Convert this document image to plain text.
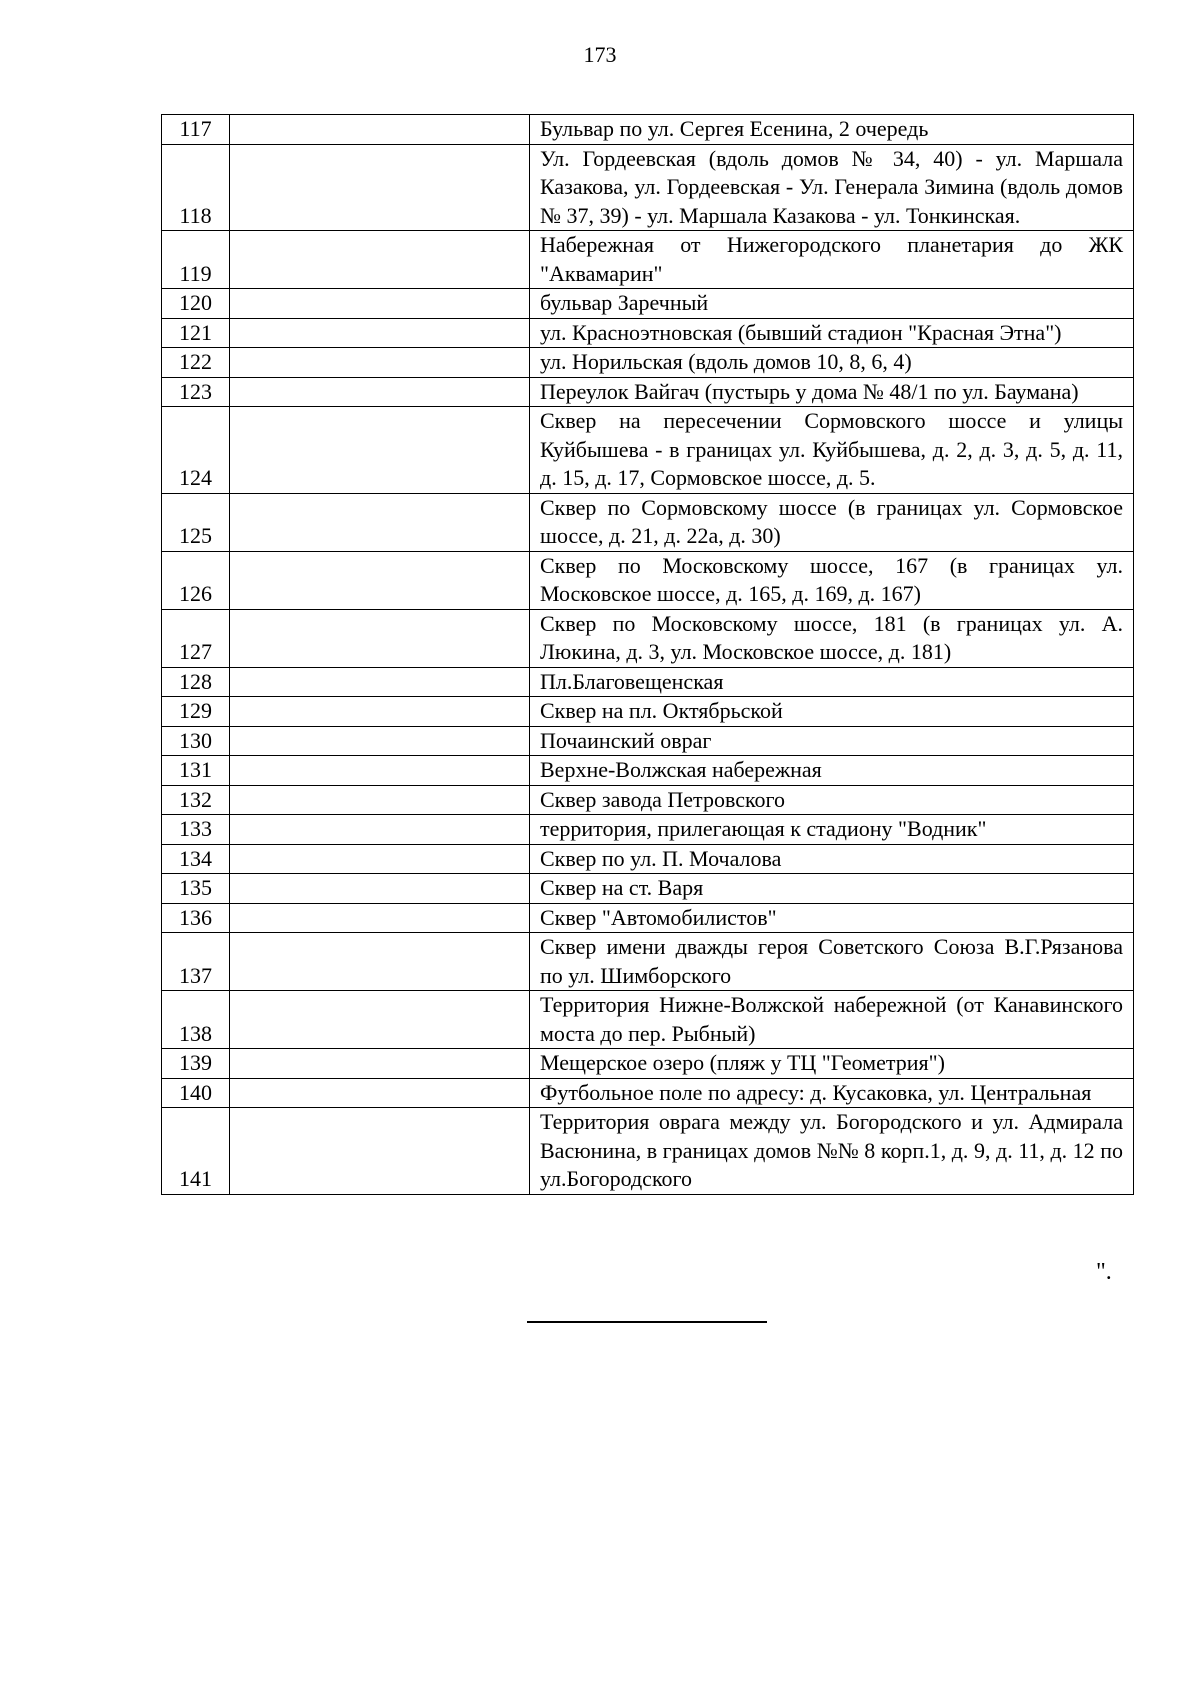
173
117		Бульвар по ул. Сергея Есенина, 2 очередь
118		Ул. Гордеевская (вдоль домов № 34, 40) - ул. Маршала Казакова, ул. Гордеевская - Ул. Генерала Зимина (вдоль домов № 37, 39) - ул. Маршала Казакова - ул. Тонкинская.
119		Набережная от Нижегородского планетария до ЖК "Аквамарин"
120		бульвар Заречный
121		ул. Красноэтновская (бывший стадион "Красная Этна")
122		ул. Норильская (вдоль домов 10, 8, 6, 4)
123		Переулок Вайгач (пустырь у дома № 48/1 по ул. Баумана)
124		Сквер на пересечении Сормовского шоссе и улицы Куйбышева - в границах ул. Куйбышева, д. 2, д. 3, д. 5, д. 11, д. 15, д. 17, Сормовское шоссе, д. 5.
125		Сквер по Сормовскому шоссе (в границах ул. Сормовское шоссе, д. 21, д. 22а, д. 30)
126		Сквер по Московскому шоссе, 167 (в границах ул. Московское шоссе, д. 165, д. 169, д. 167)
127		Сквер по Московскому шоссе, 181 (в границах ул. А. Люкина, д. 3, ул. Московское шоссе, д. 181)
128		Пл.Благовещенская
129		Сквер на пл. Октябрьской
130		Почаинский овраг
131		Верхне-Волжская набережная
132		Сквер завода Петровского
133		территория, прилегающая к стадиону "Водник"
134		Сквер по ул. П. Мочалова
135		Сквер на ст. Варя
136		Сквер "Автомобилистов"
137		Сквер имени дважды героя Советского Союза В.Г.Рязанова по ул. Шимборского
138		Территория Нижне-Волжской набережной (от Канавинского моста до пер. Рыбный)
139		Мещерское озеро (пляж у ТЦ "Геометрия")
140		Футбольное поле по адресу: д. Кусаковка, ул. Центральная
141		Территория оврага между ул. Богородского и ул. Адмирала Васюнина, в границах домов №№ 8 корп.1, д. 9, д. 11, д. 12 по ул.Богородского
".
